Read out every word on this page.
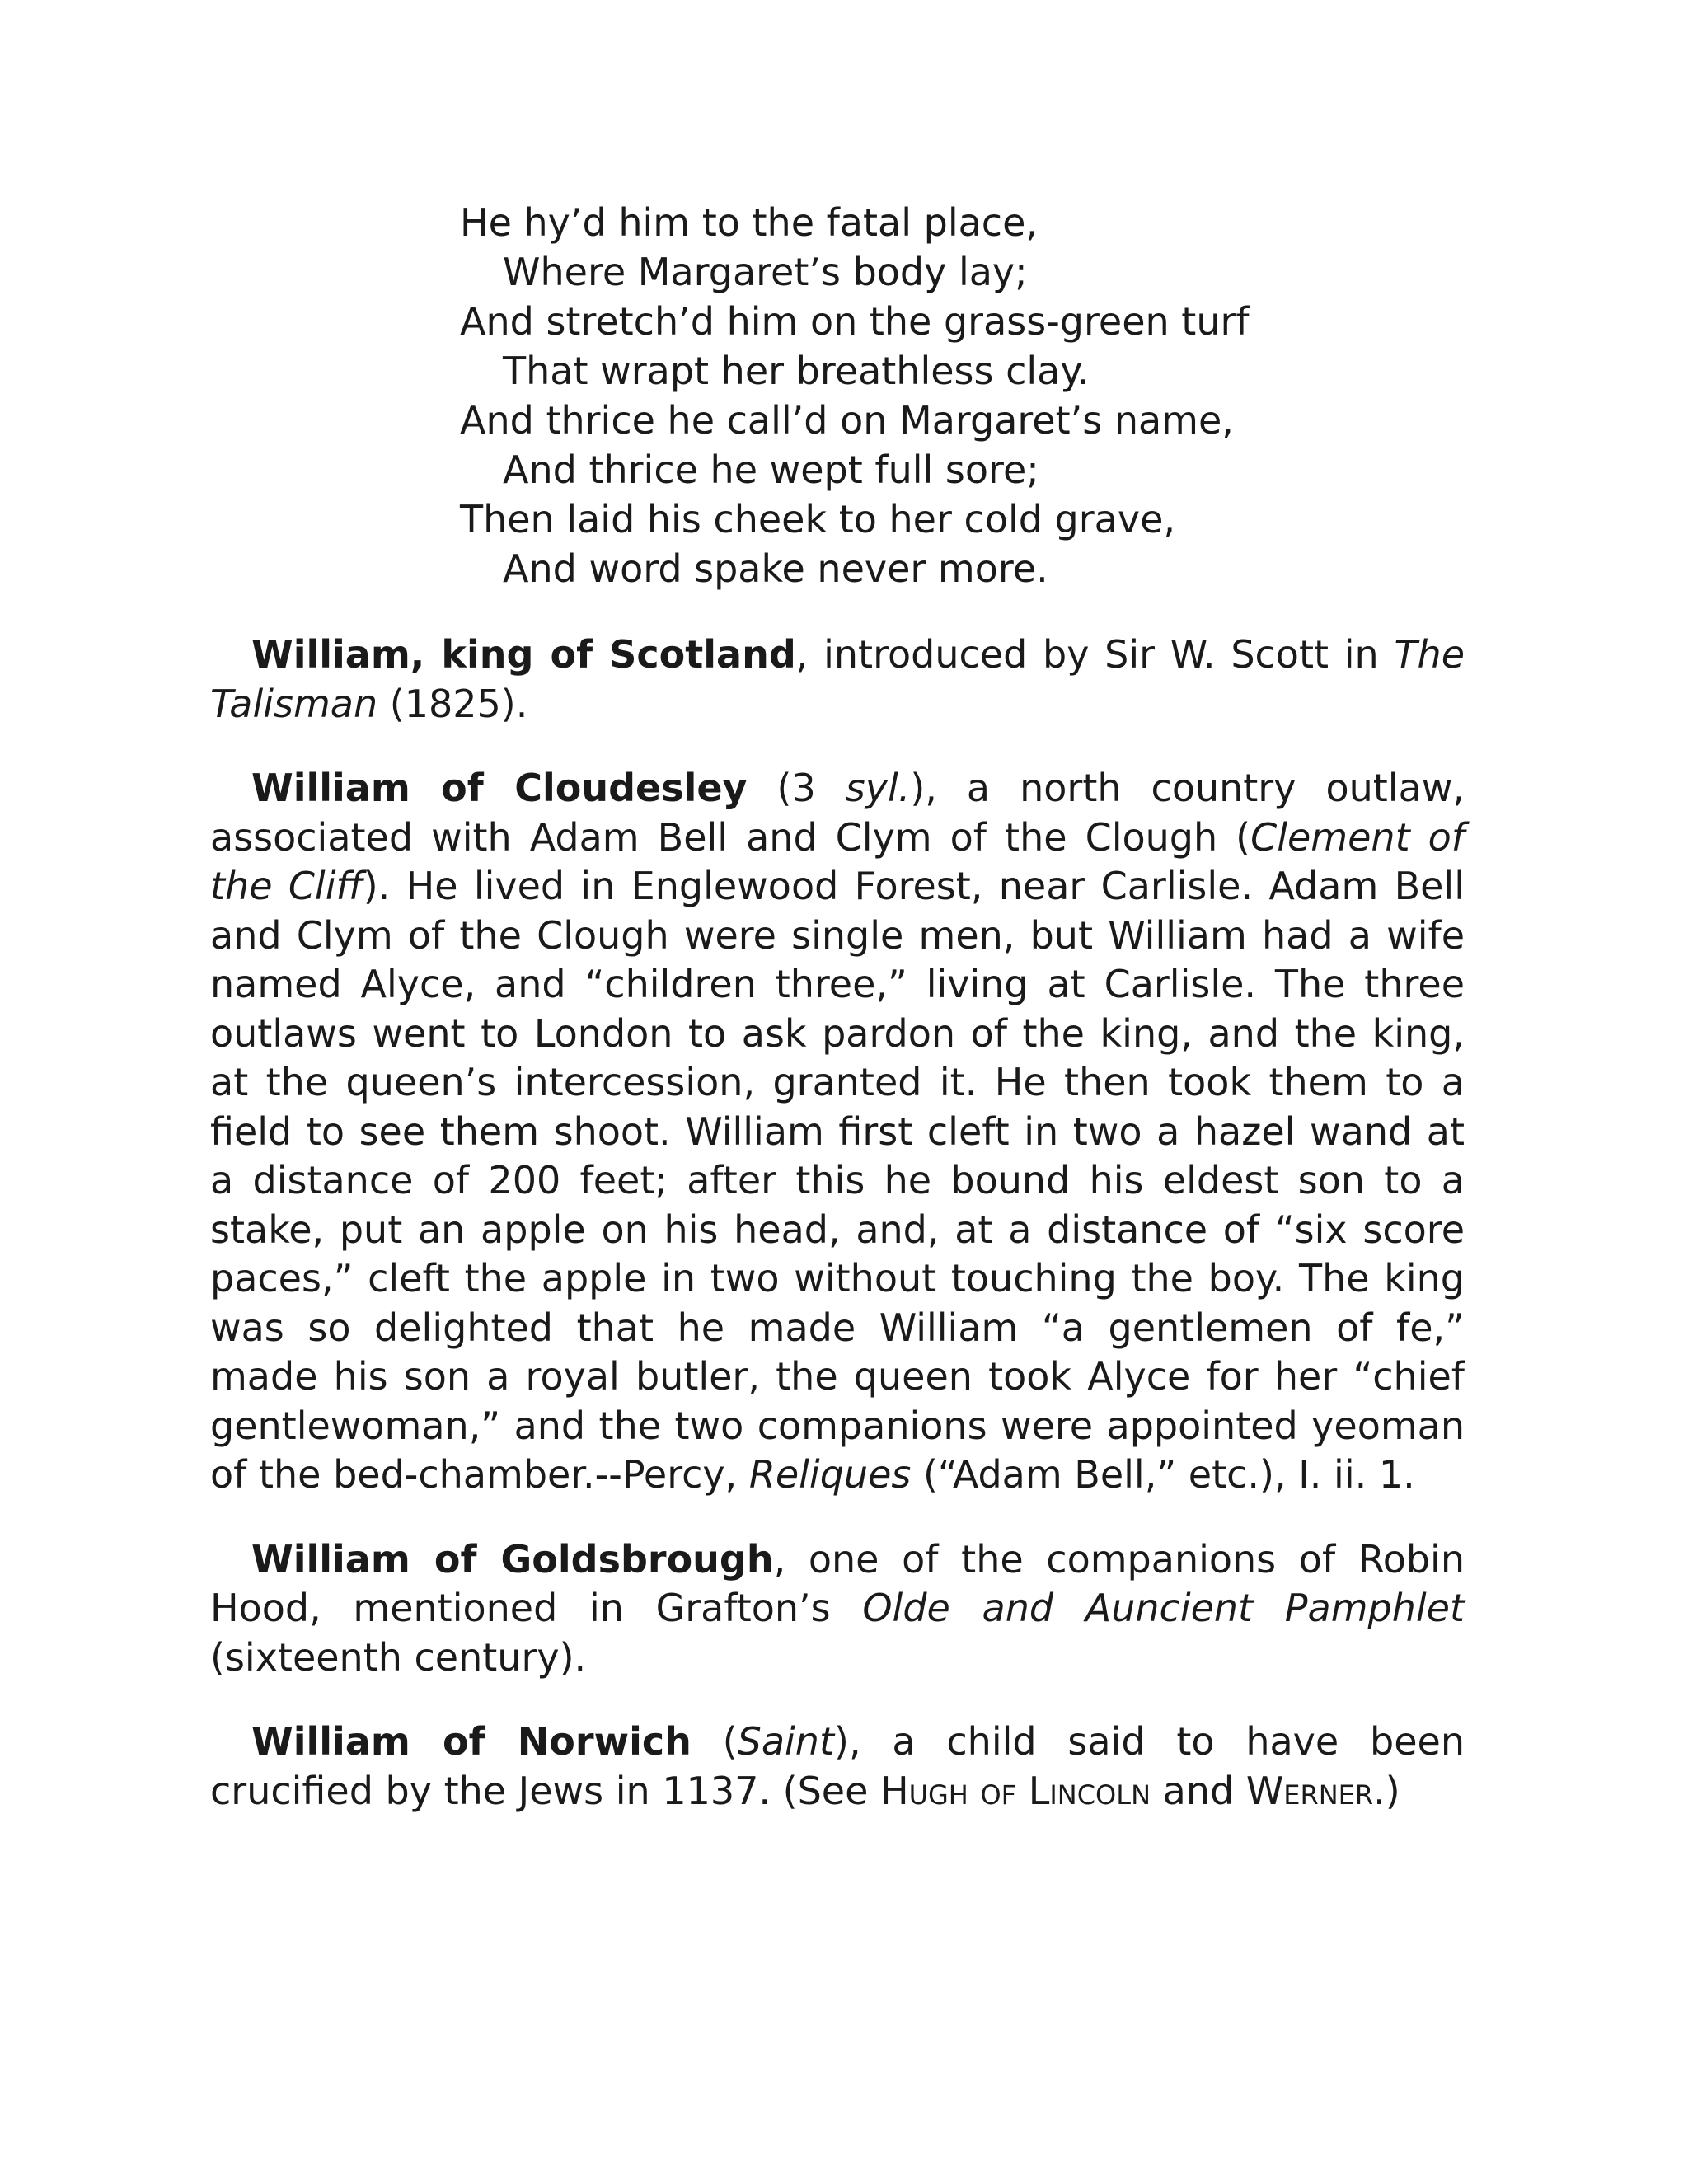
He hy’d him to the fatal place,
Where Margaret’s body lay;
And stretch’d him on the grass-green turf
That wrapt her breathless clay.
And thrice he call’d on Margaret’s name,
And thrice he wept full sore;
Then laid his cheek to her cold grave,
And word spake never more.

William, king of Scotland, introduced by Sir W. Scott in The Talisman (1825).

William of Cloudesley (3 syl.), a north country outlaw, associated with Adam Bell and Clym of the Clough (Clement of the Cliff). He lived in Englewood Forest, near Carlisle. Adam Bell and Clym of the Clough were single men, but William had a wife named Alyce, and “children three,” living at Carlisle. The three outlaws went to London to ask pardon of the king, and the king, at the queen’s intercession, granted it. He then took them to a field to see them shoot. William first cleft in two a hazel wand at a distance of 200 feet; after this he bound his eldest son to a stake, put an apple on his head, and, at a distance of “six score paces,” cleft the apple in two without touching the boy. The king was so delighted that he made William “a gentlemen of fe,” made his son a royal butler, the queen took Alyce for her “chief gentlewoman,” and the two companions were appointed yeoman of the bed-chamber.--Percy, Reliques (“Adam Bell,” etc.), I. ii. 1.

William of Goldsbrough, one of the companions of Robin Hood, mentioned in Grafton’s Olde and Auncient Pamphlet (sixteenth century).

William of Norwich (Saint), a child said to have been crucified by the Jews in 1137. (See Hugh of Lincoln and Werner.)
